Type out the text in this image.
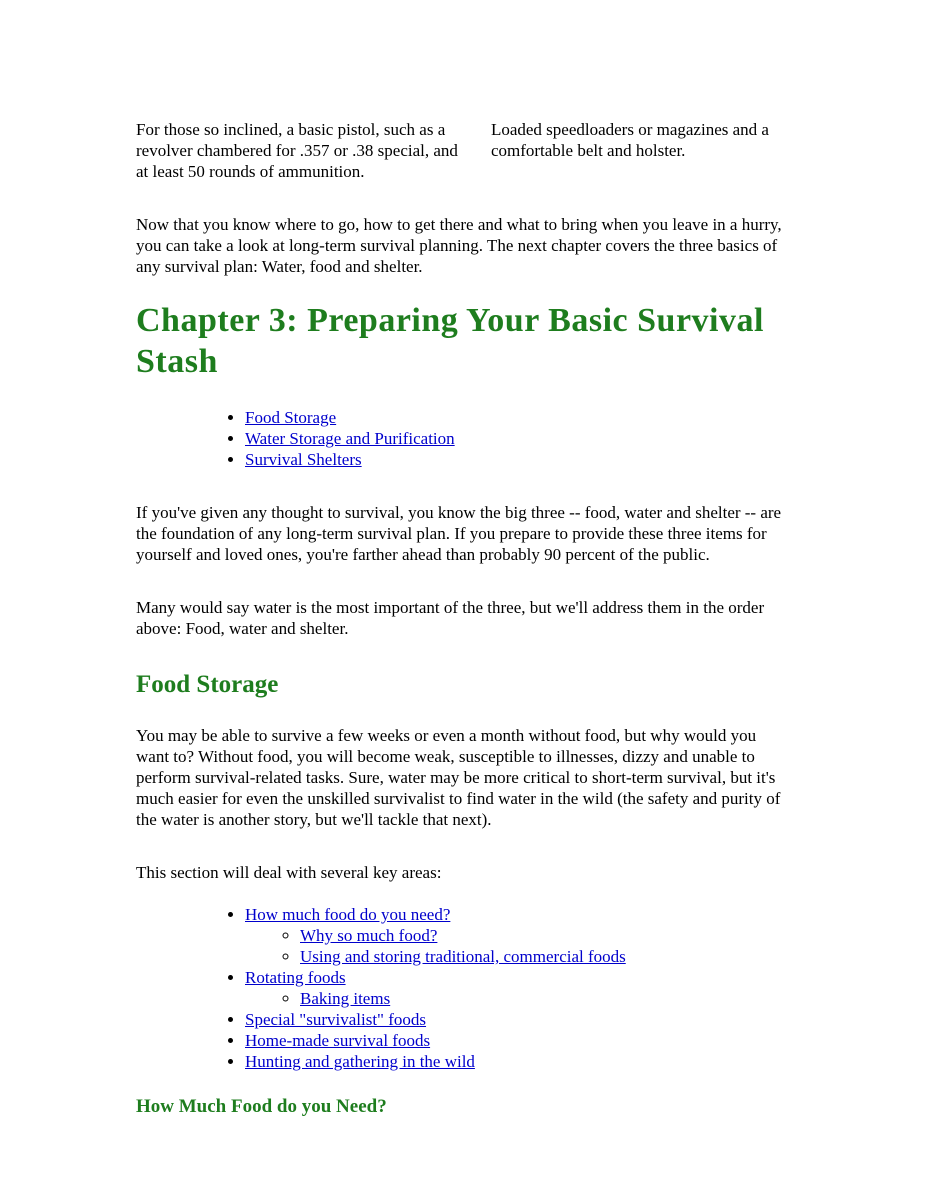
For those so inclined, a basic pistol, such as a revolver chambered for .357 or .38 special, and at least 50 rounds of ammunition.
Loaded speedloaders or magazines and a comfortable belt and holster.

Now that you know where to go, how to get there and what to bring when you leave in a hurry, you can take a look at long-term survival planning. The next chapter covers the three basics of any survival plan: Water, food and shelter.

Chapter 3: Preparing Your Basic Survival Stash
• Food Storage
• Water Storage and Purification
• Survival Shelters

If you've given any thought to survival, you know the big three -- food, water and shelter -- are the foundation of any long-term survival plan. If you prepare to provide these three items for yourself and loved ones, you're farther ahead than probably 90 percent of the public.

Many would say water is the most important of the three, but we'll address them in the order above: Food, water and shelter.

Food Storage

You may be able to survive a few weeks or even a month without food, but why would you want to? Without food, you will become weak, susceptible to illnesses, dizzy and unable to perform survival-related tasks. Sure, water may be more critical to short-term survival, but it's much easier for even the unskilled survivalist to find water in the wild (the safety and purity of the water is another story, but we'll tackle that next).

This section will deal with several key areas:

• How much food do you need?
◦ Why so much food?
◦ Using and storing traditional, commercial foods
• Rotating foods
◦ Baking items
• Special "survivalist" foods
• Home-made survival foods
• Hunting and gathering in the wild
How Much Food do you Need?
